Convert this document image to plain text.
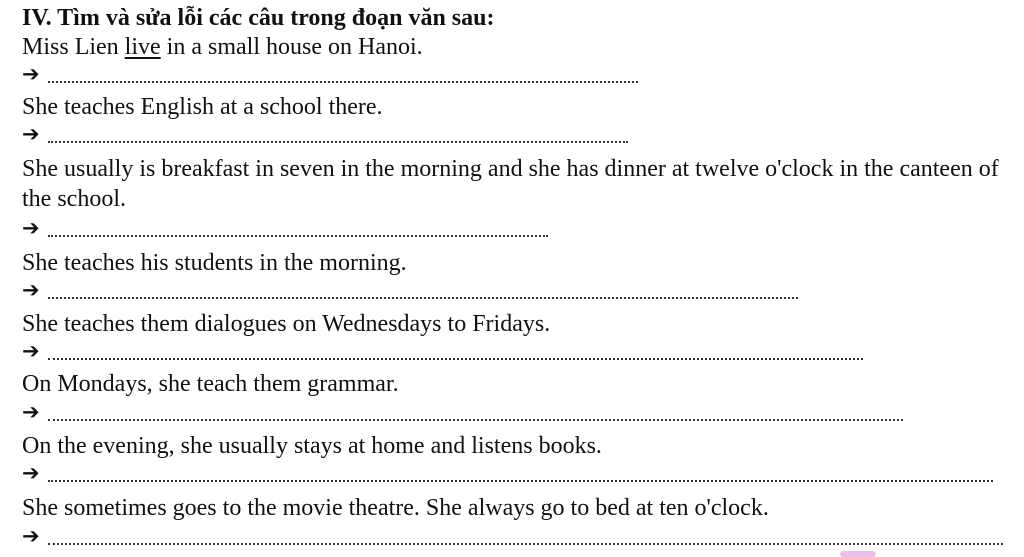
IV. Tìm và sửa lỗi các câu trong đoạn văn sau:
Miss Lien live in a small house on Hanoi.
➔
She teaches English at a school there.
➔
She usually is breakfast in seven in the morning and she has dinner at twelve o'clock in the canteen of the school.
➔
She teaches his students in the morning.
➔
She teaches them dialogues on Wednesdays to Fridays.
➔
On Mondays, she teach them grammar.
➔
On the evening, she usually stays at home and listens books.
➔
She sometimes goes to the movie theatre. She always go to bed at ten o'clock.
➔
